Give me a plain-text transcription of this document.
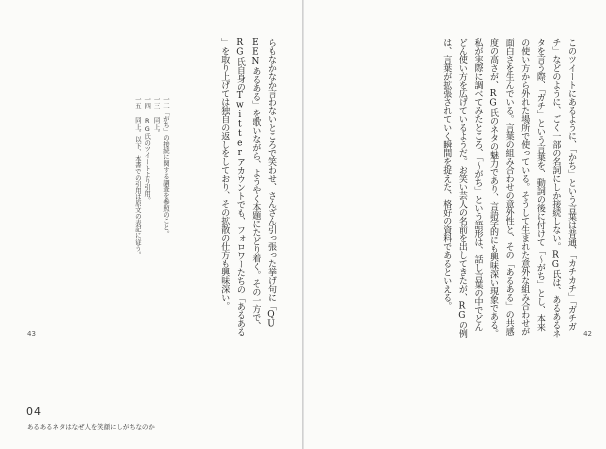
一二「がち」の接続に関する調査を参照のこと。
一三 同上。
一四 RG氏のツイートより引用。
一五 同上。以下、本書での引用は原文の表記に従う。	らもなかなか言わないところで笑わせ、さんざん引っ張った挙げ句に「QUEENあるある」を歌いながら、ようやく本題にたどり着く。その一方で、RG氏自身のTwitterアカウントでも、フォロワーたちの「あるある」を取り上げては独自の返しをしており、その拡散の仕方も興味深い。
43
04
あるあるネタはなぜ人を笑顔にしがちなのか
このツイートにあるように、「かち」という言葉は普通、「カチカチ」「ガチガチ」などのように、ごく一部の名詞にしか接続しない。RG氏は、あるあるネタを言う際、「ガチ」という言葉を、動詞の後に付けて「〜がち」とし、本来の使い方から外れた場所で使っている。そうして生まれた意外な組み合わせが面白さを生んでいる。言葉の組み合わせの意外性と、その「あるある」の共感度の高さが、RG氏のネタの魅力であり、言語学的にも興味深い現象である。私が実際に調べてみたところ、「〜がち」という語形は、話し言葉の中でどんどん使い方を広げているようだ。お笑い芸人の名前を出してきたが、RGの例は、言葉が拡張されていく瞬間を捉えた、格好の資料であるといえる。
42
